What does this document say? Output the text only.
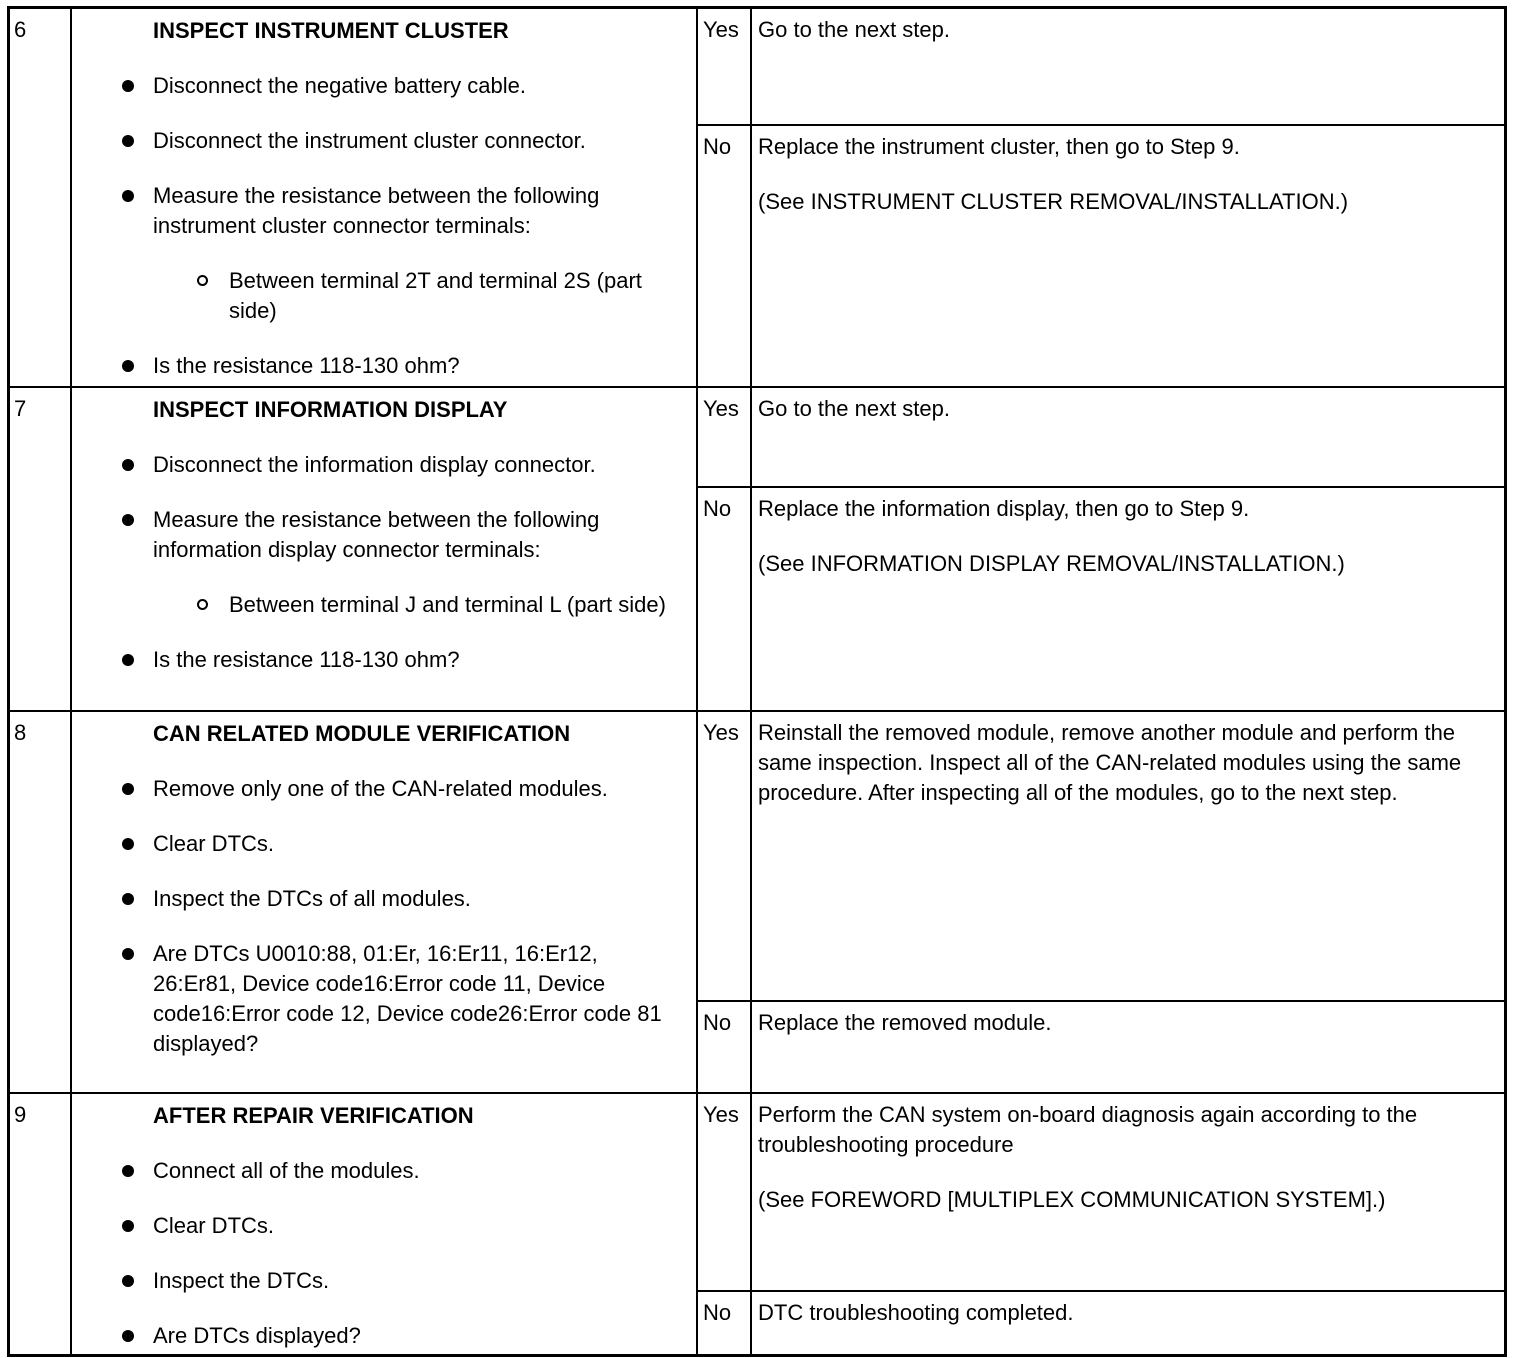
6	INSPECT INSTRUMENT CLUSTER
Disconnect the negative battery cable.
Disconnect the instrument cluster connector.
Measure the resistance between the following instrument cluster connector terminals:
Between terminal 2T and terminal 2S (part side)
Is the resistance 118-130 ohm?
Yes Go to the next step.

No	Replace the instrument cluster, then go to Step 9.

(See INSTRUMENT CLUSTER REMOVAL/INSTALLATION.)

7	INSPECT INFORMATION DISPLAY
Disconnect the information display connector.
Measure the resistance between the following information display connector terminals:
Between terminal J and terminal L (part side)
Is the resistance 118-130 ohm?
Yes Go to the next step.

No	Replace the information display, then go to Step 9.

(See INFORMATION DISPLAY REMOVAL/INSTALLATION.)

8	CAN RELATED MODULE VERIFICATION
Remove only one of the CAN-related modules.
Clear DTCs.
Inspect the DTCs of all modules.
Are DTCs U0010:88, 01:Er, 16:Er11, 16:Er12, 26:Er81, Device code16:Error code 11, Device code16:Error code 12, Device code26:Error code 81 displayed?
Yes Reinstall the removed module, remove another module and perform the same inspection. Inspect all of the CAN-related modules using the same procedure. After inspecting all of the modules, go to the next step.

No	Replace the removed module.

9	AFTER REPAIR VERIFICATION
Connect all of the modules.
Clear DTCs.
Inspect the DTCs.
Are DTCs displayed?
Yes Perform the CAN system on-board diagnosis again according to the troubleshooting procedure

(See FOREWORD [MULTIPLEX COMMUNICATION SYSTEM].)

No	DTC troubleshooting completed.
